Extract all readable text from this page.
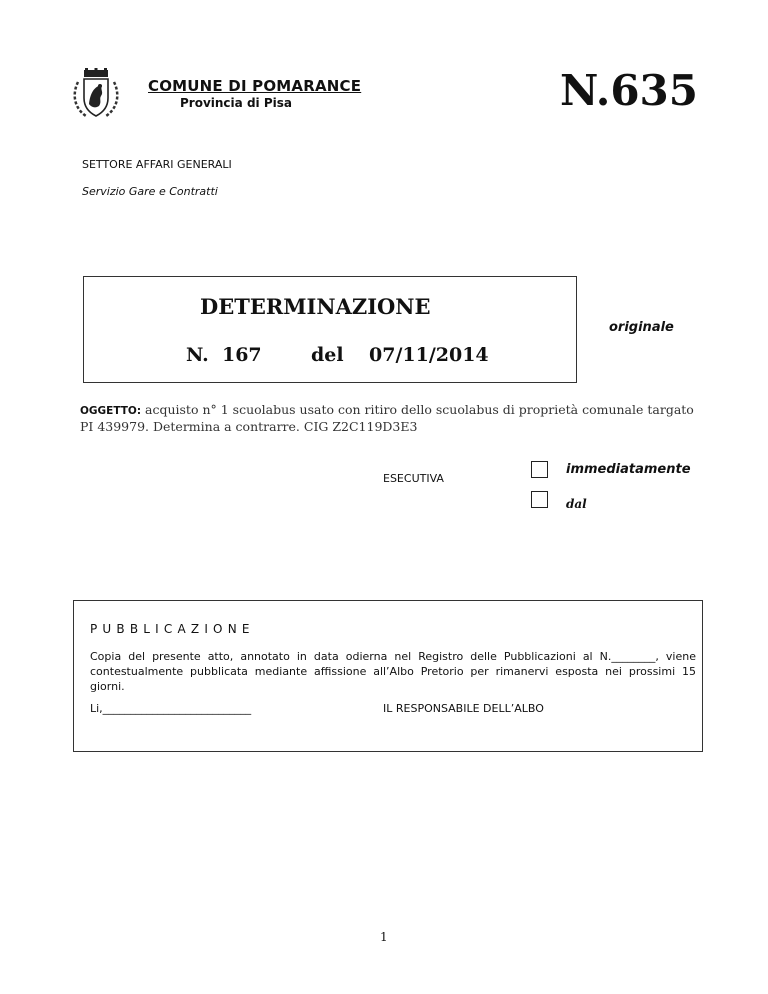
COMUNE DI POMARANCE
Provincia di Pisa	N.635
SETTORE AFFARI GENERALI
Servizio Gare e Contratti
DETERMINAZIONE
N.  167	del 07/11/2014
originale
OGGETTO: acquisto n° 1 scuolabus usato con ritiro dello scuolabus di proprietà comunale targato PI 439979. Determina a contrarre. CIG Z2C119D3E3
ESECUTIVA
immediatamente
dal
PUBBLICAZIONE
Copia del presente atto, annotato in data odierna nel Registro delle Pubblicazioni al N.________, viene contestualmente pubblicata mediante affissione all’Albo Pretorio per rimanervi esposta nei prossimi 15 giorni.
Li,___________________________	IL RESPONSABILE DELL’ALBO
1
